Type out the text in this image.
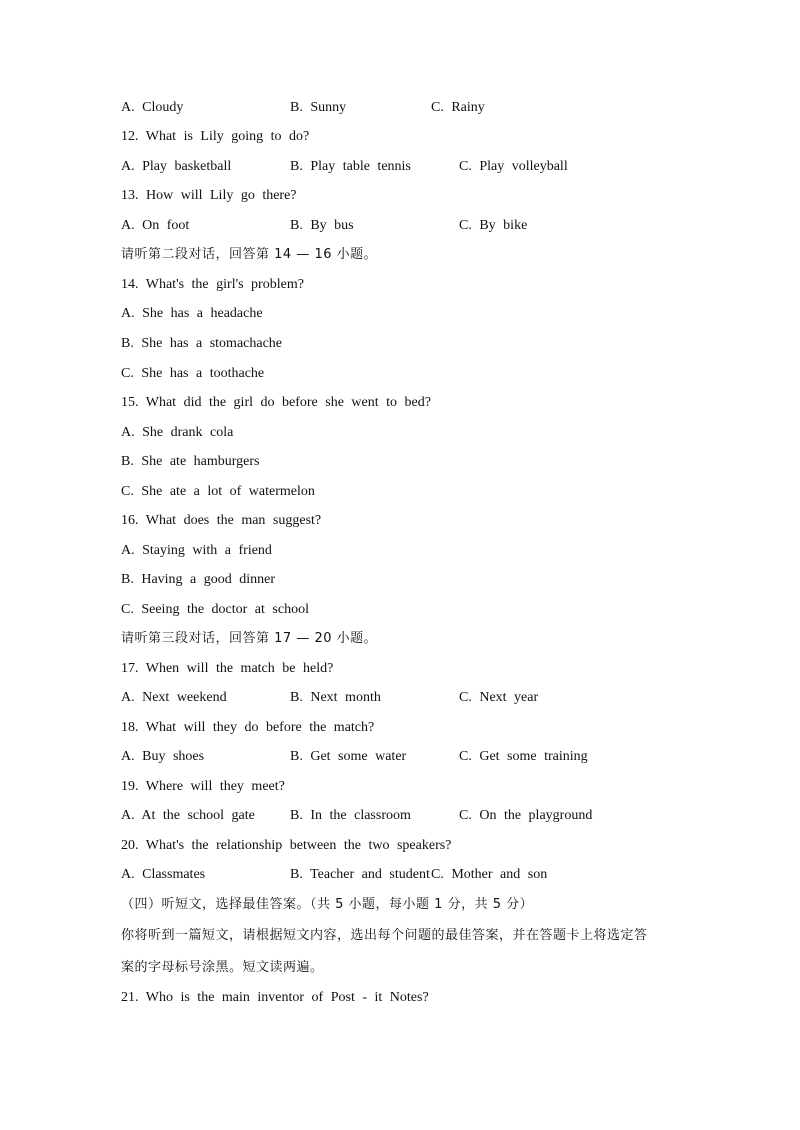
A. Cloudy

	B. Sunny

	C. Rainy

12. What is Lily going to do?

A. Play basketball

	B. Play table tennis

	C. Play volleyball

13. How will Lily go there?

A. On foot

	B. By bus

	C. By bike

请听第二段对话，回答第 14 — 16 小题。
14. What's the girl's problem?
A. She has a headache
B. She has a stomachache
C. She has a toothache
15. What did the girl do before she went to bed?
A. She drank cola
B. She ate hamburgers
C. She ate a lot of watermelon
16. What does the man suggest?
A. Staying with a friend
B. Having a good dinner
C. Seeing the doctor at school
请听第三段对话，回答第 17 — 20 小题。
17. When will the match be held?

A. Next weekend

	B. Next month

	C. Next year

18. What will they do before the match?

A. Buy shoes

	B. Get some water

	C. Get some training

19. Where will they meet?

A. At the school gate

	B. In the classroom

	C. On the playground

20. What's the relationship between the two speakers?

A. Classmates

	B. Teacher and student

C. Mother and son

（四）听短文，选择最佳答案。（共 5 小题，每小题 1 分，共 5 分）
你将听到一篇短文，请根据短文内容，选出每个问题的最佳答案，并在答题卡上将选定答
案的字母标号涂黑。短文读两遍。
21. Who is the main inventor of Post - it Notes?
